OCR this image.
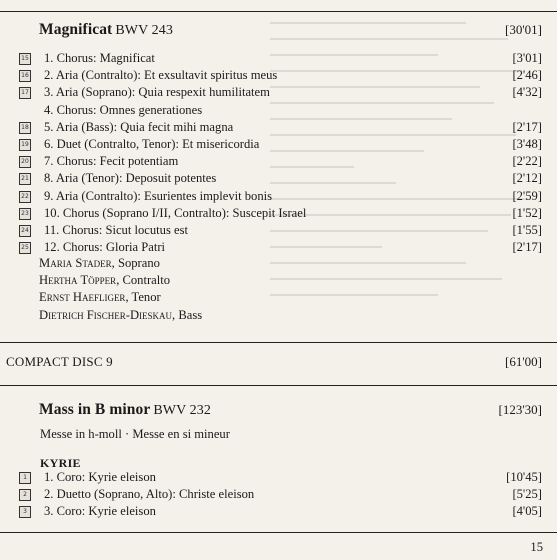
Magnificat BWV 243	[30'01]
15 1. Chorus: Magnificat	[3'01]
16 2. Aria (Contralto): Et exsultavit spiritus meus	[2'46]
17 3. Aria (Soprano): Quia respexit humilitatem	[4'32]
4. Chorus: Omnes generationes
18 5. Aria (Bass): Quia fecit mihi magna	[2'17]
19 6. Duet (Contralto, Tenor): Et misericordia	[3'48]
20 7. Chorus: Fecit potentiam	[2'22]
21 8. Aria (Tenor): Deposuit potentes	[2'12]
22 9. Aria (Contralto): Esurientes implevit bonis	[2'59]
23 10. Chorus (Soprano I/II, Contralto): Suscepit Israel	[1'52]
24 11. Chorus: Sicut locutus est	[1'55]
25 12. Chorus: Gloria Patri	[2'17]
Maria Stader, Soprano
Hertha Töpper, Contralto
Ernst Haefliger, Tenor
Dietrich Fischer-Dieskau, Bass
COMPACT DISC 9	[61'00]
Mass in B minor BWV 232	[123'30]
Messe in h-moll · Messe en si mineur
KYRIE
1	1. Coro: Kyrie eleison	[10'45]
2	2. Duetto (Soprano, Alto): Christe eleison	[5'25]
3	3. Coro: Kyrie eleison	[4'05]
15
